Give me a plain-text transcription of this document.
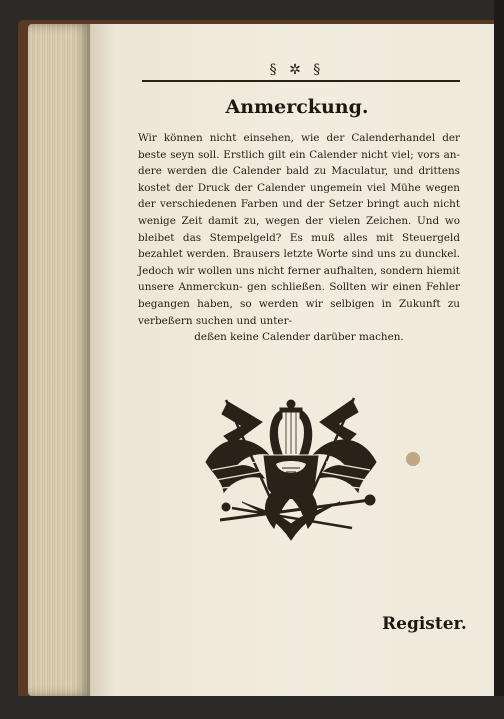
§ ✲ §
Anmerckung.

Wir können nicht einsehen, wie der Calenderhandel der beste seyn soll. Erstlich gilt ein Calender nicht viel; vors an- dere werden die Calender bald zu Maculatur, und drittens kostet der Druck der Calender ungemein viel Mühe wegen der verschiedenen Farben und der Setzer bringt auch nicht wenige Zeit damit zu, wegen der vielen Zeichen. Und wo bleibet das Stempelgeld? Es muß alles mit Steuergeld bezahlet werden. Brausers letzte Worte sind uns zu dunckel. Jedoch wir wollen uns nicht ferner aufhalten, sondern hiemit unsere Anmerckun- gen schließen. Sollten wir einen Fehler begangen haben, so werden wir selbigen in Zukunft zu verbeßern suchen und unter-
deßen keine Calender darüber machen.

Register.
